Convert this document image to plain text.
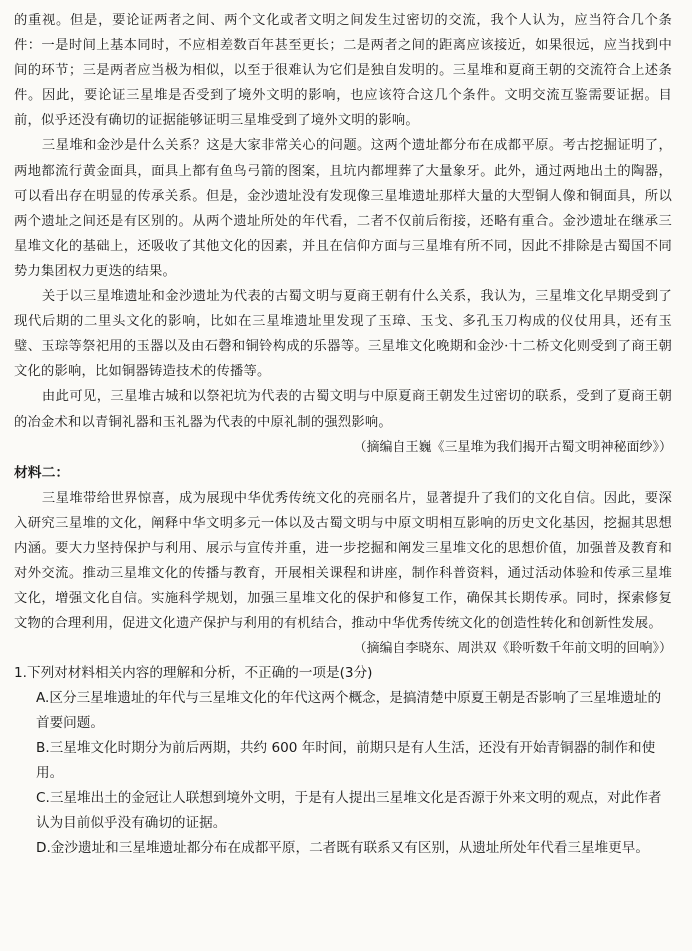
的重视。但是，要论证两者之间、两个文化或者文明之间发生过密切的交流，我个人认为，应当符合几个条件：一是时间上基本同时，不应相差数百年甚至更长；二是两者之间的距离应该接近，如果很远，应当找到中间的环节；三是两者应当极为相似，以至于很难认为它们是独自发明的。三星堆和夏商王朝的交流符合上述条件。因此，要论证三星堆是否受到了境外文明的影响，也应该符合这几个条件。文明交流互鉴需要证据。目前，似乎还没有确切的证据能够证明三星堆受到了境外文明的影响。

三星堆和金沙是什么关系？这是大家非常关心的问题。这两个遗址都分布在成都平原。考古挖掘证明了，两地都流行黄金面具，面具上都有鱼鸟弓箭的图案，且坑内都埋葬了大量象牙。此外，通过两地出土的陶器，可以看出存在明显的传承关系。但是，金沙遗址没有发现像三星堆遗址那样大量的大型铜人像和铜面具，所以两个遗址之间还是有区别的。从两个遗址所处的年代看，二者不仅前后衔接，还略有重合。金沙遗址在继承三星堆文化的基础上，还吸收了其他文化的因素，并且在信仰方面与三星堆有所不同，因此不排除是古蜀国不同势力集团权力更迭的结果。

关于以三星堆遗址和金沙遗址为代表的古蜀文明与夏商王朝有什么关系，我认为，三星堆文化早期受到了现代后期的二里头文化的影响，比如在三星堆遗址里发现了玉璋、玉戈、多孔玉刀构成的仪仗用具，还有玉璧、玉琮等祭祀用的玉器以及由石磬和铜铃构成的乐器等。三星堆文化晚期和金沙·十二桥文化则受到了商王朝文化的影响，比如铜器铸造技术的传播等。

由此可见，三星堆古城和以祭祀坑为代表的古蜀文明与中原夏商王朝发生过密切的联系，受到了夏商王朝的冶金术和以青铜礼器和玉礼器为代表的中原礼制的强烈影响。

（摘编自王巍《三星堆为我们揭开古蜀文明神秘面纱》）

材料二：

三星堆带给世界惊喜，成为展现中华优秀传统文化的亮丽名片，显著提升了我们的文化自信。因此，要深入研究三星堆的文化，阐释中华文明多元一体以及古蜀文明与中原文明相互影响的历史文化基因，挖掘其思想内涵。要大力坚持保护与利用、展示与宣传并重，进一步挖掘和阐发三星堆文化的思想价值，加强普及教育和对外交流。推动三星堆文化的传播与教育，开展相关课程和讲座，制作科普资料，通过活动体验和传承三星堆文化，增强文化自信。实施科学规划，加强三星堆文化的保护和修复工作，确保其长期传承。同时，探索修复文物的合理利用，促进文化遗产保护与利用的有机结合，推动中华优秀传统文化的创造性转化和创新性发展。

（摘编自李晓东、周洪双《聆听数千年前文明的回响》）

1.下列对材料相关内容的理解和分析，不正确的一项是(3分)

A.区分三星堆遗址的年代与三星堆文化的年代这两个概念，是搞清楚中原夏王朝是否影响了三星堆遗址的首要问题。

B.三星堆文化时期分为前后两期，共约 600 年时间，前期只是有人生活，还没有开始青铜器的制作和使用。

C.三星堆出土的金冠让人联想到境外文明，于是有人提出三星堆文化是否源于外来文明的观点，对此作者认为目前似乎没有确切的证据。

D.金沙遗址和三星堆遗址都分布在成都平原，二者既有联系又有区别，从遗址所处年代看三星堆更早。
